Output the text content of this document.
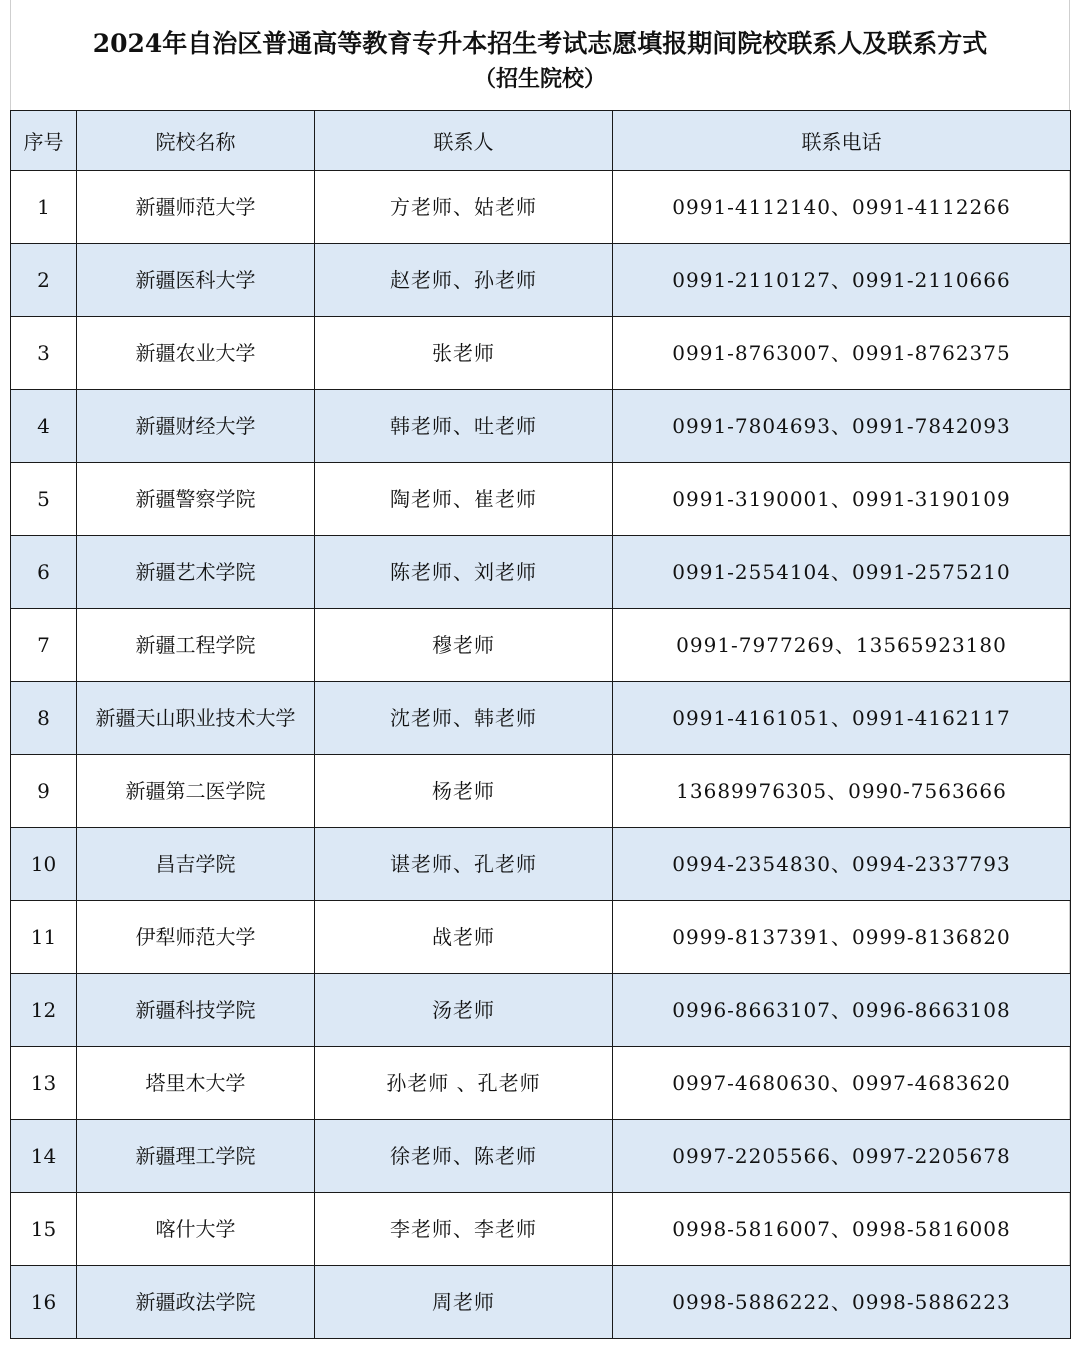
2024年自治区普通高等教育专升本招生考试志愿填报期间院校联系人及联系方式
（招生院校）
序号	院校名称	联系人	联系电话
1	新疆师范大学	方老师、姑老师	0991-4112140、0991-4112266
2	新疆医科大学	赵老师、孙老师	0991-2110127、0991-2110666
3	新疆农业大学	张老师	0991-8763007、0991-8762375
4	新疆财经大学	韩老师、吐老师	0991-7804693、0991-7842093
5	新疆警察学院	陶老师、崔老师	0991-3190001、0991-3190109
6	新疆艺术学院	陈老师、刘老师	0991-2554104、0991-2575210
7	新疆工程学院	穆老师	0991-7977269、13565923180
8	新疆天山职业技术大学	沈老师、韩老师	0991-4161051、0991-4162117
9	新疆第二医学院	杨老师	13689976305、0990-7563666
10	昌吉学院	谌老师、孔老师	0994-2354830、0994-2337793
11	伊犁师范大学	战老师	0999-8137391、0999-8136820
12	新疆科技学院	汤老师	0996-8663107、0996-8663108
13	塔里木大学	孙老师 、孔老师	0997-4680630、0997-4683620
14	新疆理工学院	徐老师、陈老师	0997-2205566、0997-2205678
15	喀什大学	李老师、李老师	0998-5816007、0998-5816008
16	新疆政法学院	周老师	0998-5886222、0998-5886223
